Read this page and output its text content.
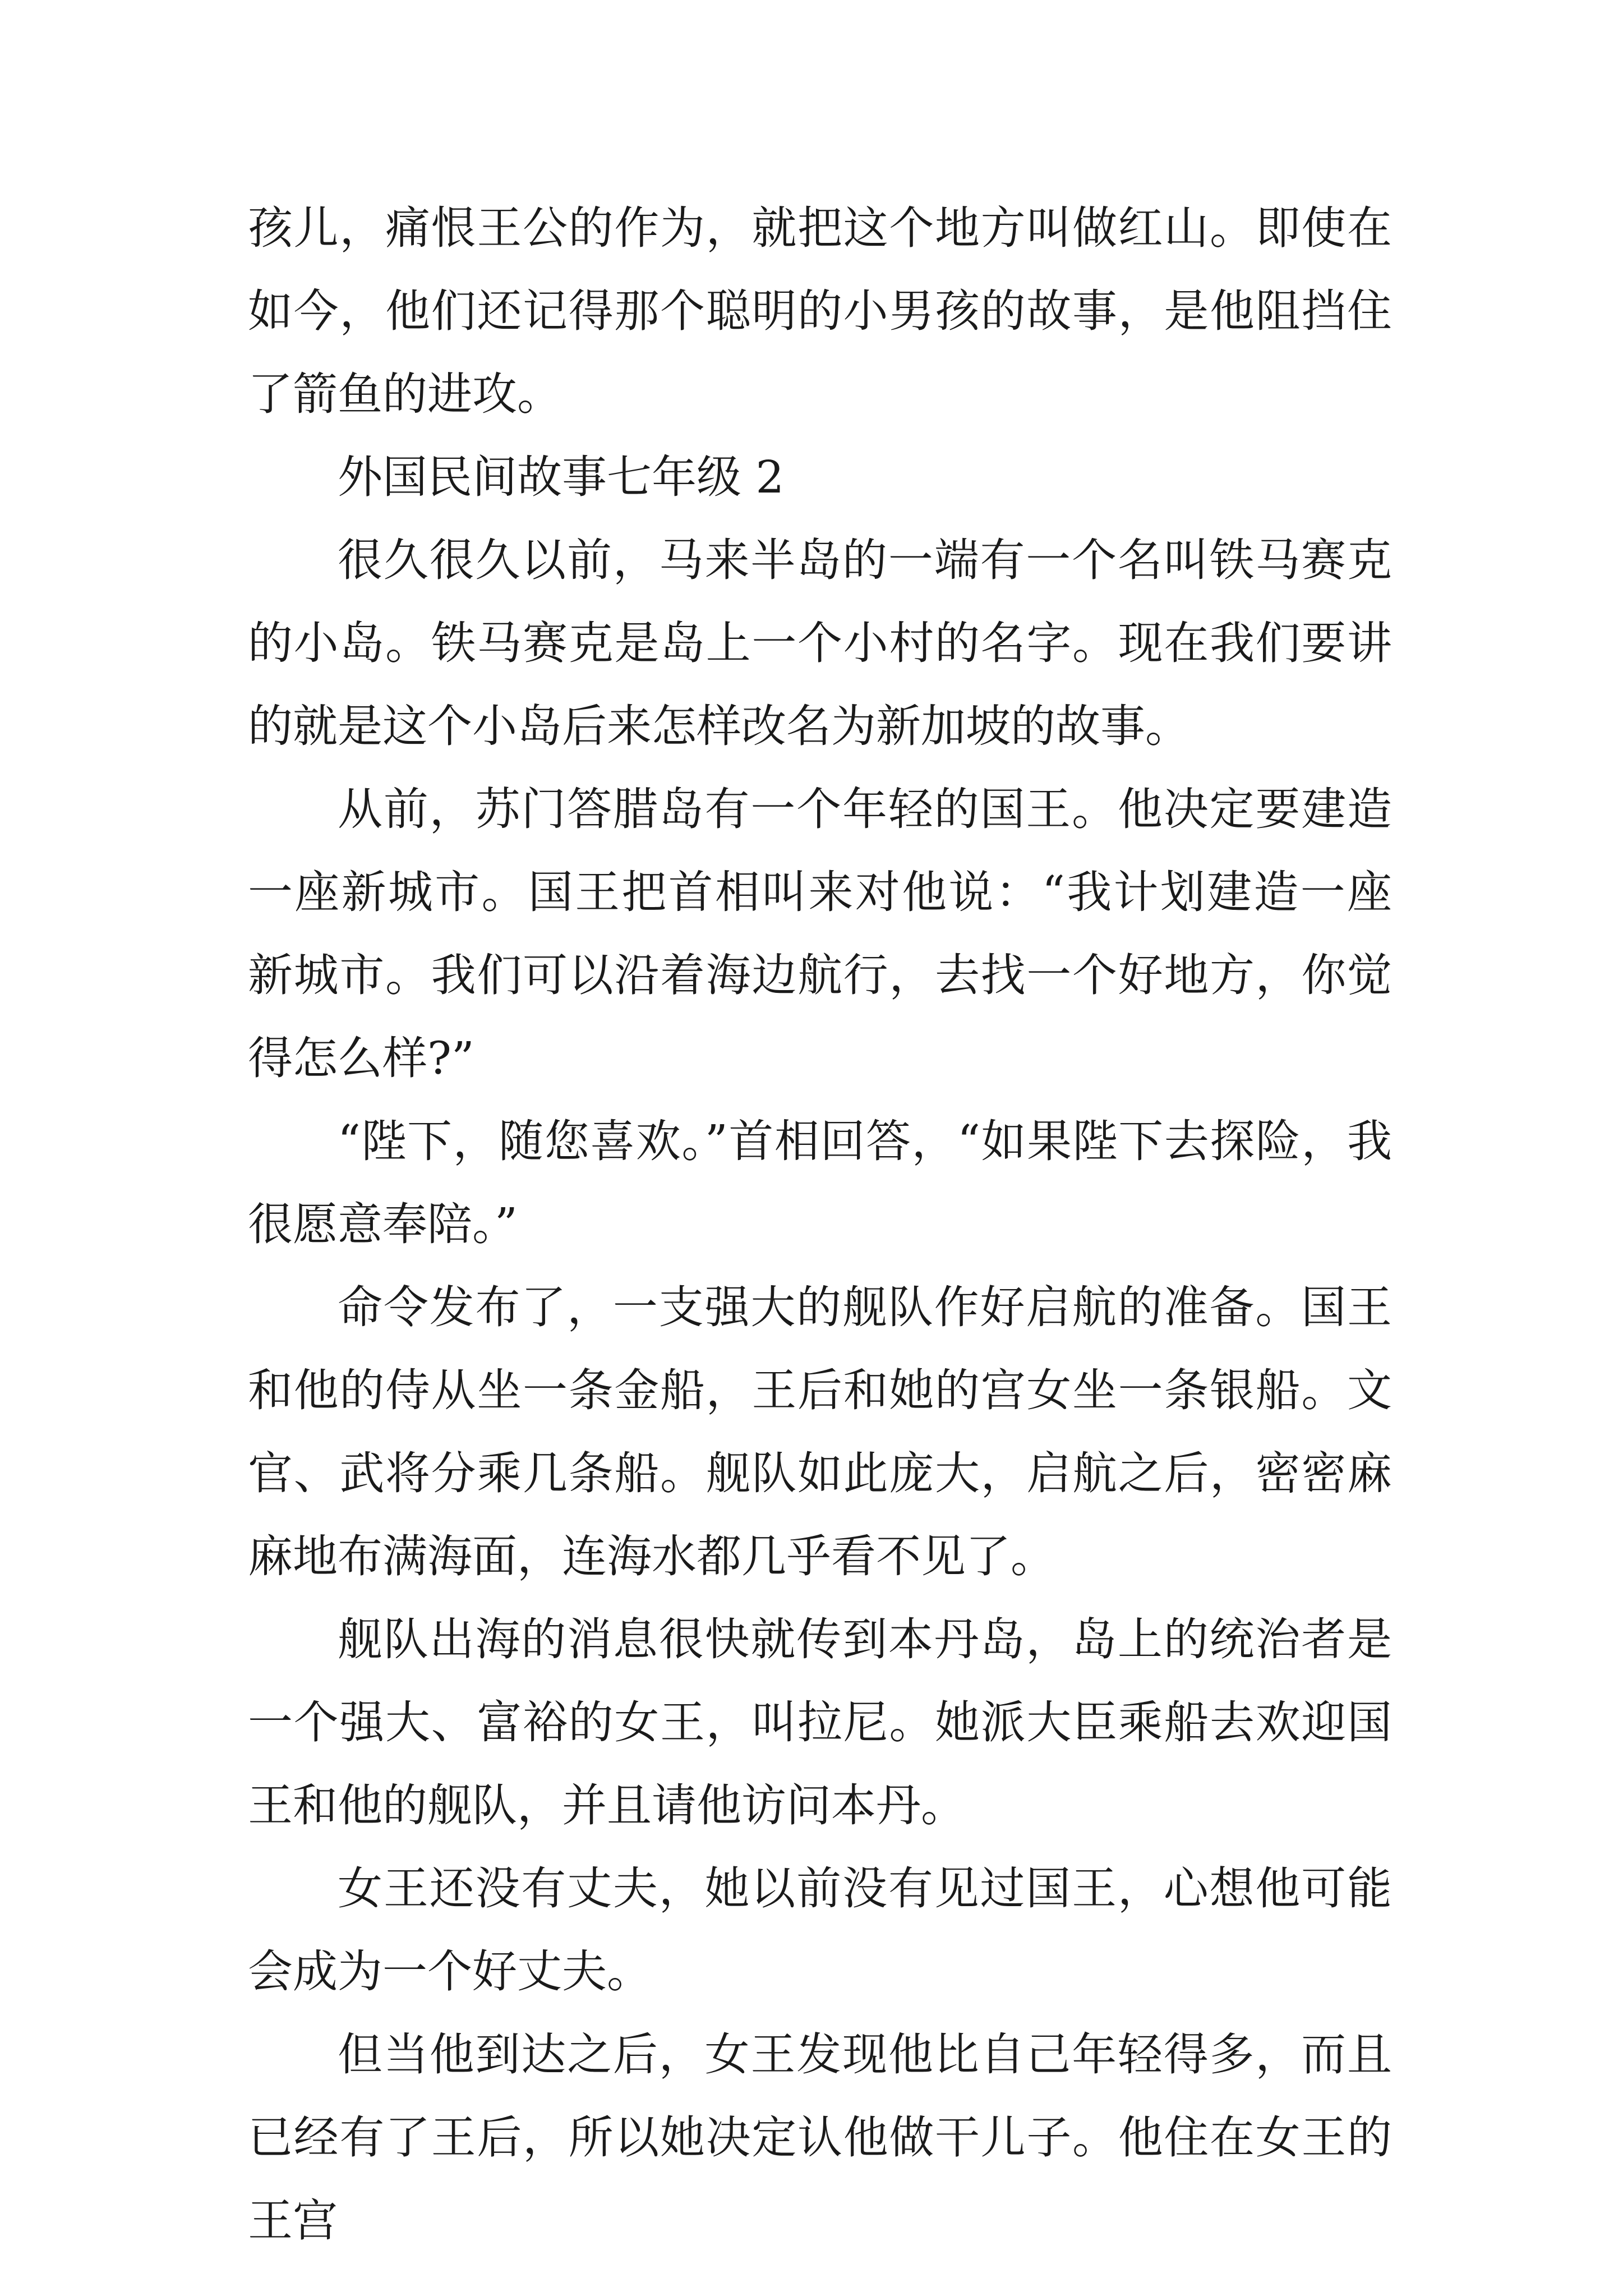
孩儿，痛恨王公的作为，就把这个地方叫做红山。即使在如今，他们还记得那个聪明的小男孩的故事，是他阻挡住了箭鱼的进攻。

外国民间故事七年级 2

很久很久以前，马来半岛的一端有一个名叫铁马赛克的小岛。铁马赛克是岛上一个小村的名字。现在我们要讲的就是这个小岛后来怎样改名为新加坡的故事。

从前，苏门答腊岛有一个年轻的国王。他决定要建造一座新城市。国王把首相叫来对他说：“我计划建造一座新城市。我们可以沿着海边航行，去找一个好地方，你觉得怎么样?”

“陛下，随您喜欢。”首相回答，“如果陛下去探险，我很愿意奉陪。”

命令发布了，一支强大的舰队作好启航的准备。国王和他的侍从坐一条金船，王后和她的宫女坐一条银船。文官、武将分乘几条船。舰队如此庞大，启航之后，密密麻麻地布满海面，连海水都几乎看不见了。

舰队出海的消息很快就传到本丹岛，岛上的统治者是一个强大、富裕的女王，叫拉尼。她派大臣乘船去欢迎国王和他的舰队，并且请他访问本丹。

女王还没有丈夫，她以前没有见过国王，心想他可能会成为一个好丈夫。

但当他到达之后，女王发现他比自己年轻得多，而且已经有了王后，所以她决定认他做干儿子。他住在女王的王宫
